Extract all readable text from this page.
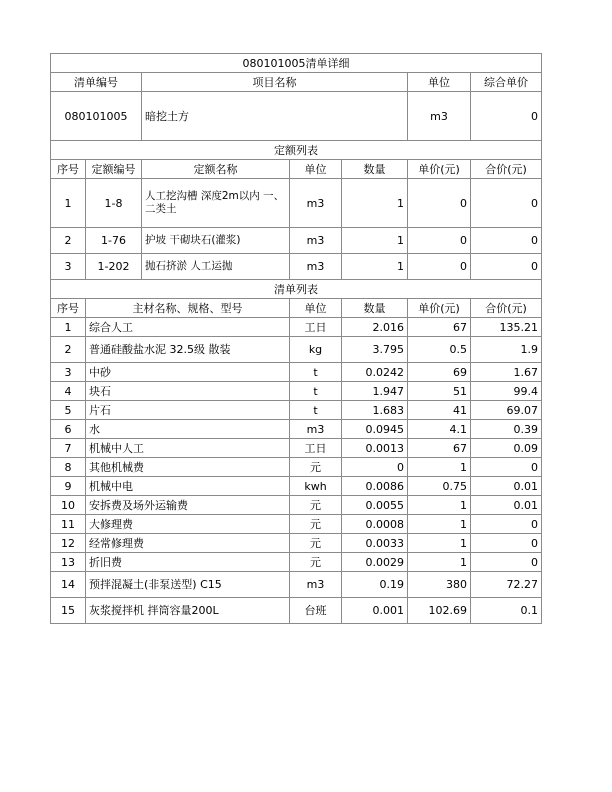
080101005清单详细						
清单编号		项目名称			单位	综合单价
080101005		暗挖土方			m3	0
定额列表						
序号	定额编号	定额名称	单位	数量	单价(元)	合价(元)
1	1-8	人工挖沟槽 深度2m以内 一、二类土	m3	1	0	0
2	1-76	护坡 干砌块石(灌浆)	m3	1	0	0
3	1-202	抛石挤淤 人工运抛	m3	1	0	0
清单列表						
序号	主材名称、规格、型号		单位	数量	单价(元)	合价(元)
1	综合人工		工日	2.016	67	135.21
2	普通硅酸盐水泥 32.5级 散装		kg	3.795	0.5	1.9
3	中砂		t	0.0242	69	1.67
4	块石		t	1.947	51	99.4
5	片石		t	1.683	41	69.07
6	水		m3	0.0945	4.1	0.39
7	机械中人工		工日	0.0013	67	0.09
8	其他机械费		元	0	1	0
9	机械中电		kwh	0.0086	0.75	0.01
10	安拆费及场外运输费		元	0.0055	1	0.01
11	大修理费		元	0.0008	1	0
12	经常修理费		元	0.0033	1	0
13	折旧费		元	0.0029	1	0
14	预拌混凝土(非泵送型) C15		m3	0.19	380	72.27
15	灰浆搅拌机 拌筒容量200L		台班	0.001	102.69	0.1
